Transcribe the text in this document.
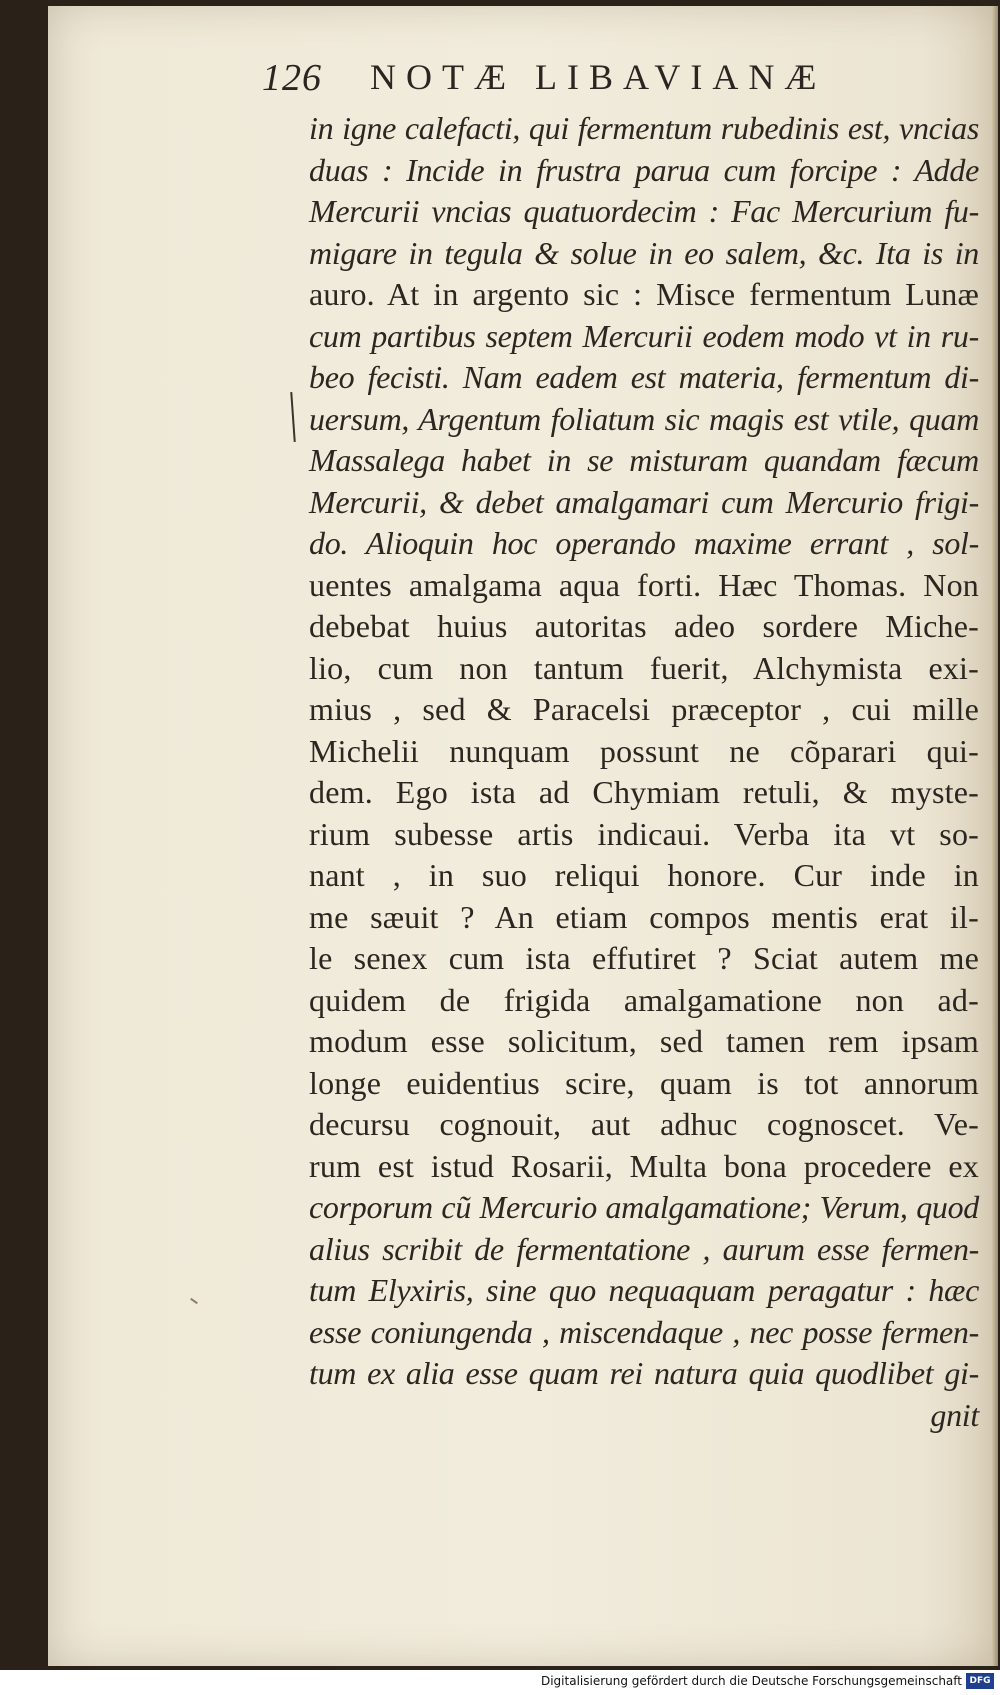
126 NOTÆ LIBAVIANÆ
in igne calefacti, qui fermentum rubedinis est, vncias
duas : Incide in frustra parua cum forcipe : Adde
Mercurii vncias quatuordecim : Fac Mercurium fu-
migare in tegula & solue in eo salem, &c. Ita is in
auro. At in argento sic : Misce fermentum Lunæ
cum partibus septem Mercurii eodem modo vt in ru-
beo fecisti. Nam eadem est materia, fermentum di-
uersum, Argentum foliatum sic magis est vtile, quam
Massalega habet in se misturam quandam fæcum
Mercurii, & debet amalgamari cum Mercurio frigi-
do. Alioquin hoc operando maxime errant , sol-
uentes amalgama aqua forti. Hæc Thomas. Non
debebat huius autoritas adeo sordere Miche-
lio, cum non tantum fuerit, Alchymista exi-
mius , sed & Paracelsi præceptor , cui mille
Michelii nunquam possunt ne cõparari qui-
dem. Ego ista ad Chymiam retuli, & myste-
rium subesse artis indicaui. Verba ita vt so-
nant , in suo reliqui honore. Cur inde in
me sæuit ? An etiam compos mentis erat il-
le senex cum ista effutiret ? Sciat autem me
quidem de frigida amalgamatione non ad-
modum esse solicitum, sed tamen rem ipsam
longe euidentius scire, quam is tot annorum
decursu cognouit, aut adhuc cognoscet. Ve-
rum est istud Rosarii, Multa bona procedere ex
corporum cũ Mercurio amalgamatione; Verum, quod
alius scribit de fermentatione , aurum esse fermen-
tum Elyxiris, sine quo nequaquam peragatur : hæc
esse coniungenda , miscendaque , nec posse fermen-
tum ex alia esse quam rei natura quia quodlibet gi-
gnit
Digitalisierung gefördert durch die Deutsche Forschungsgemeinschaft DFG
